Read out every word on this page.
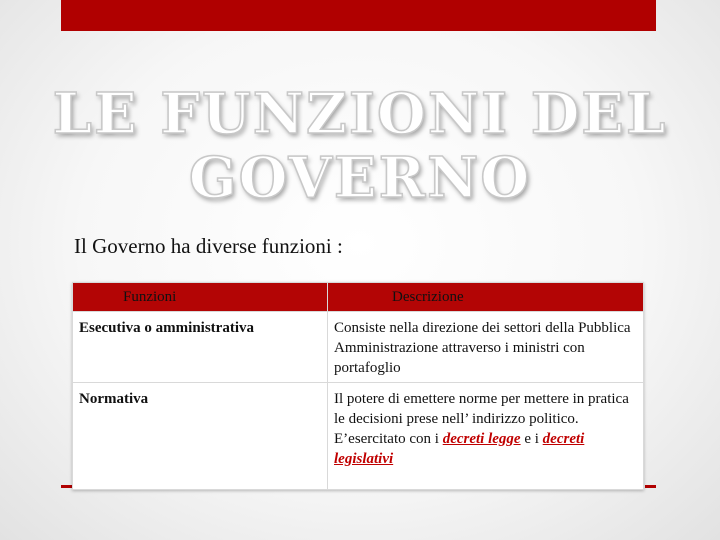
LE FUNZIONI DEL
GOVERNO
Il Governo ha diverse funzioni :
Funzioni	Descrizione
Esecutiva o amministrativa	Consiste nella direzione dei settori della Pubblica Amministrazione attraverso i ministri con portafoglio
Normativa	Il potere di emettere norme per mettere in pratica le decisioni prese nell’ indirizzo politico.
E’esercitato con i decreti legge e i decreti legislativi
